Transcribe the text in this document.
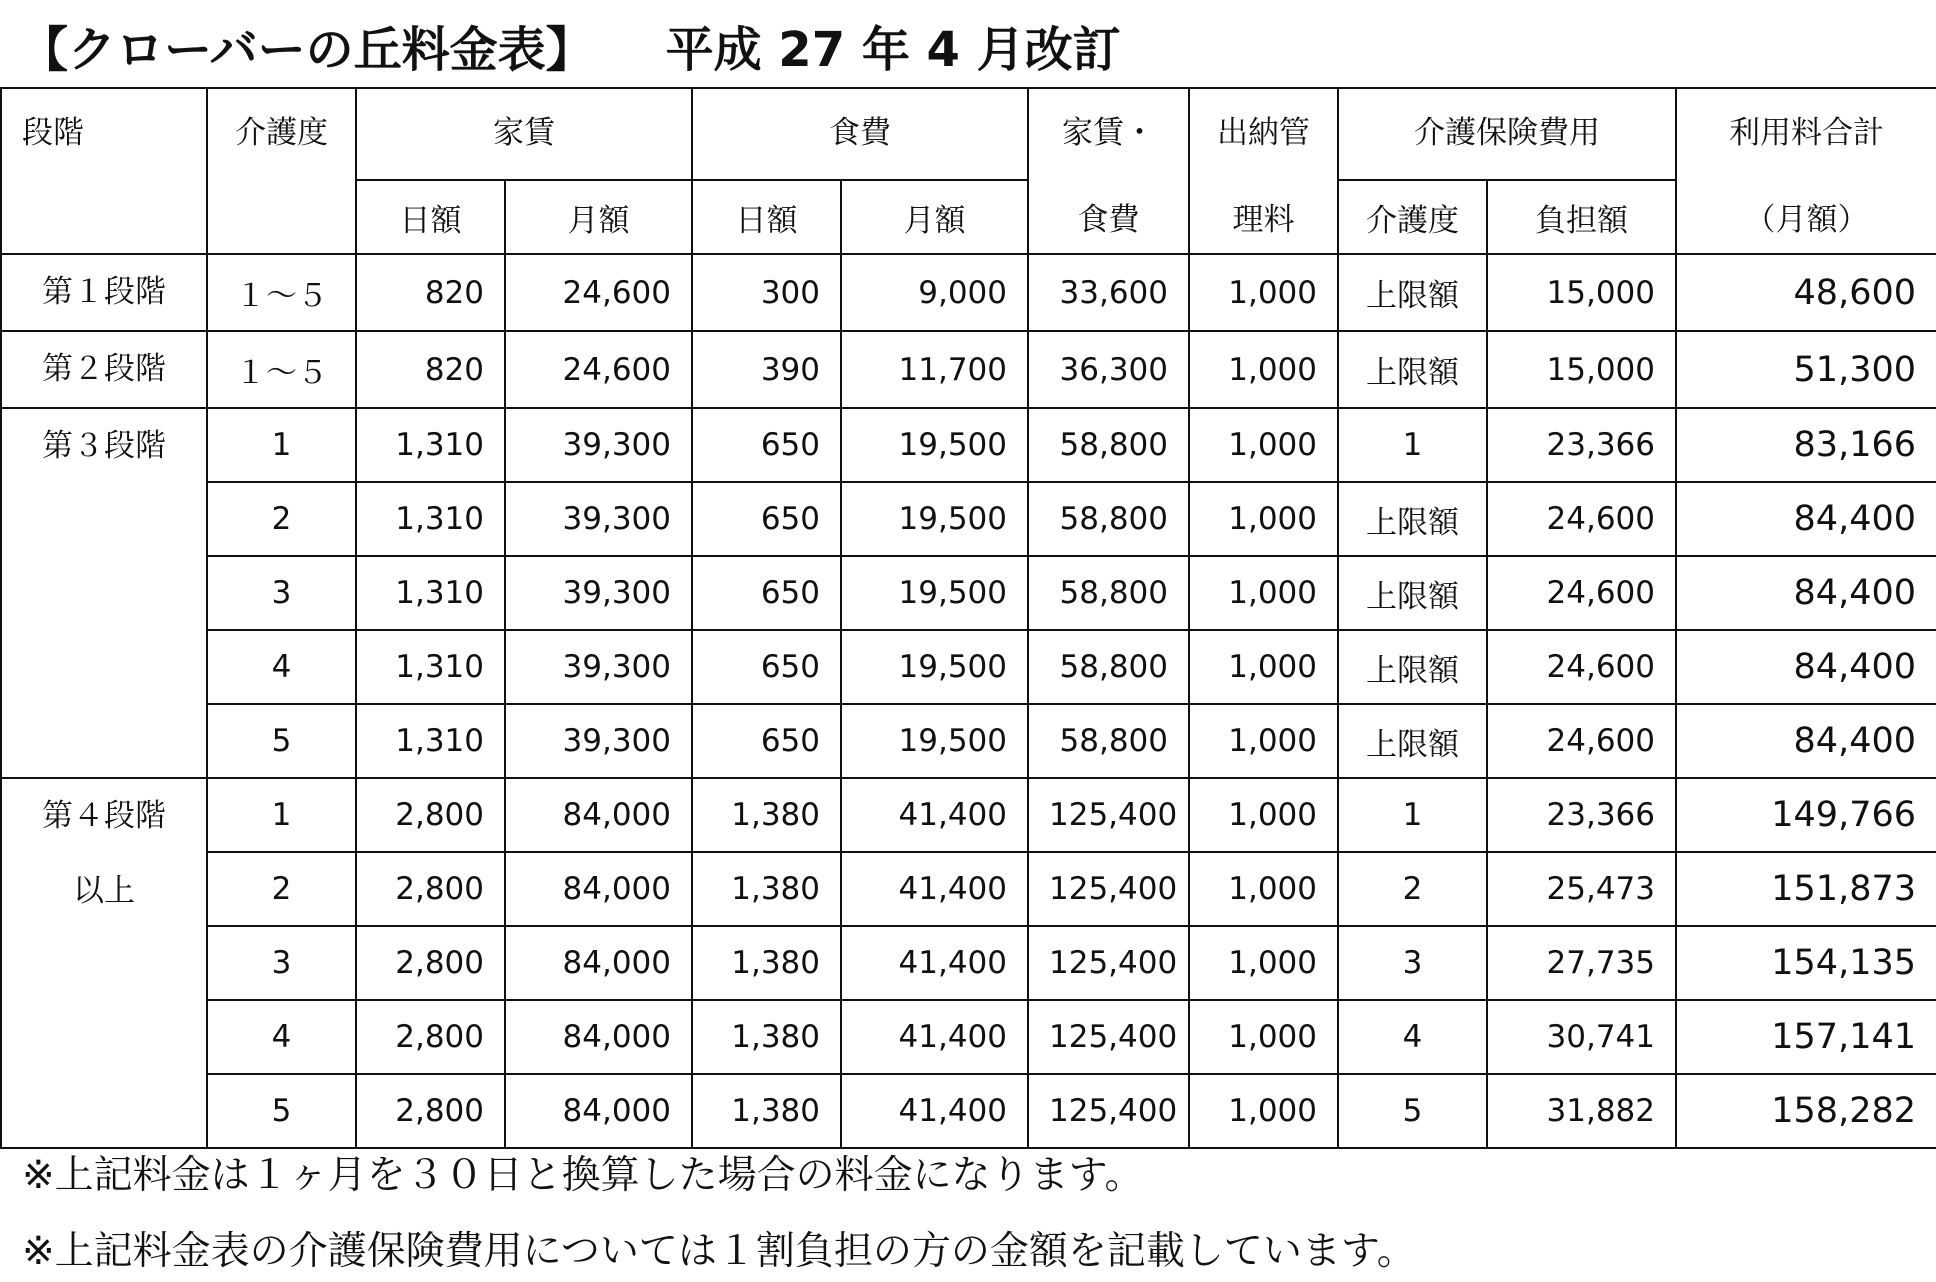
【クローバーの丘料金表】　　平成 27 年 4 月改訂
段階	介護度	家賃		食費		家賃・	出納管	介護保険費用		利用料合計
		日額	月額	日額	月額	食費	理料	介護度	負担額	（月額）

第１段階	１～５	820	24,600	300	9,000	33,600	1,000	上限額	15,000	48,600

第２段階	１～５	820	24,600	390	11,700	36,300	1,000	上限額	15,000	51,300

第３段階	1	1,310	39,300	650	19,500	58,800	1,000	1	23,366	83,166
	2	1,310	39,300	650	19,500	58,800	1,000	上限額	24,600	84,400
	3	1,310	39,300	650	19,500	58,800	1,000	上限額	24,600	84,400
	4	1,310	39,300	650	19,500	58,800	1,000	上限額	24,600	84,400
	5	1,310	39,300	650	19,500	58,800	1,000	上限額	24,600	84,400

第４段階
以上	1	2,800	84,000	1,380	41,400	125,400	1,000	1	23,366	149,766
	2	2,800	84,000	1,380	41,400	125,400	1,000	2	25,473	151,873
	3	2,800	84,000	1,380	41,400	125,400	1,000	3	27,735	154,135
	4	2,800	84,000	1,380	41,400	125,400	1,000	4	30,741	157,141
	5	2,800	84,000	1,380	41,400	125,400	1,000	5	31,882	158,282
※上記料金は１ヶ月を３０日と換算した場合の料金になります。
※上記料金表の介護保険費用については１割負担の方の金額を記載しています。
